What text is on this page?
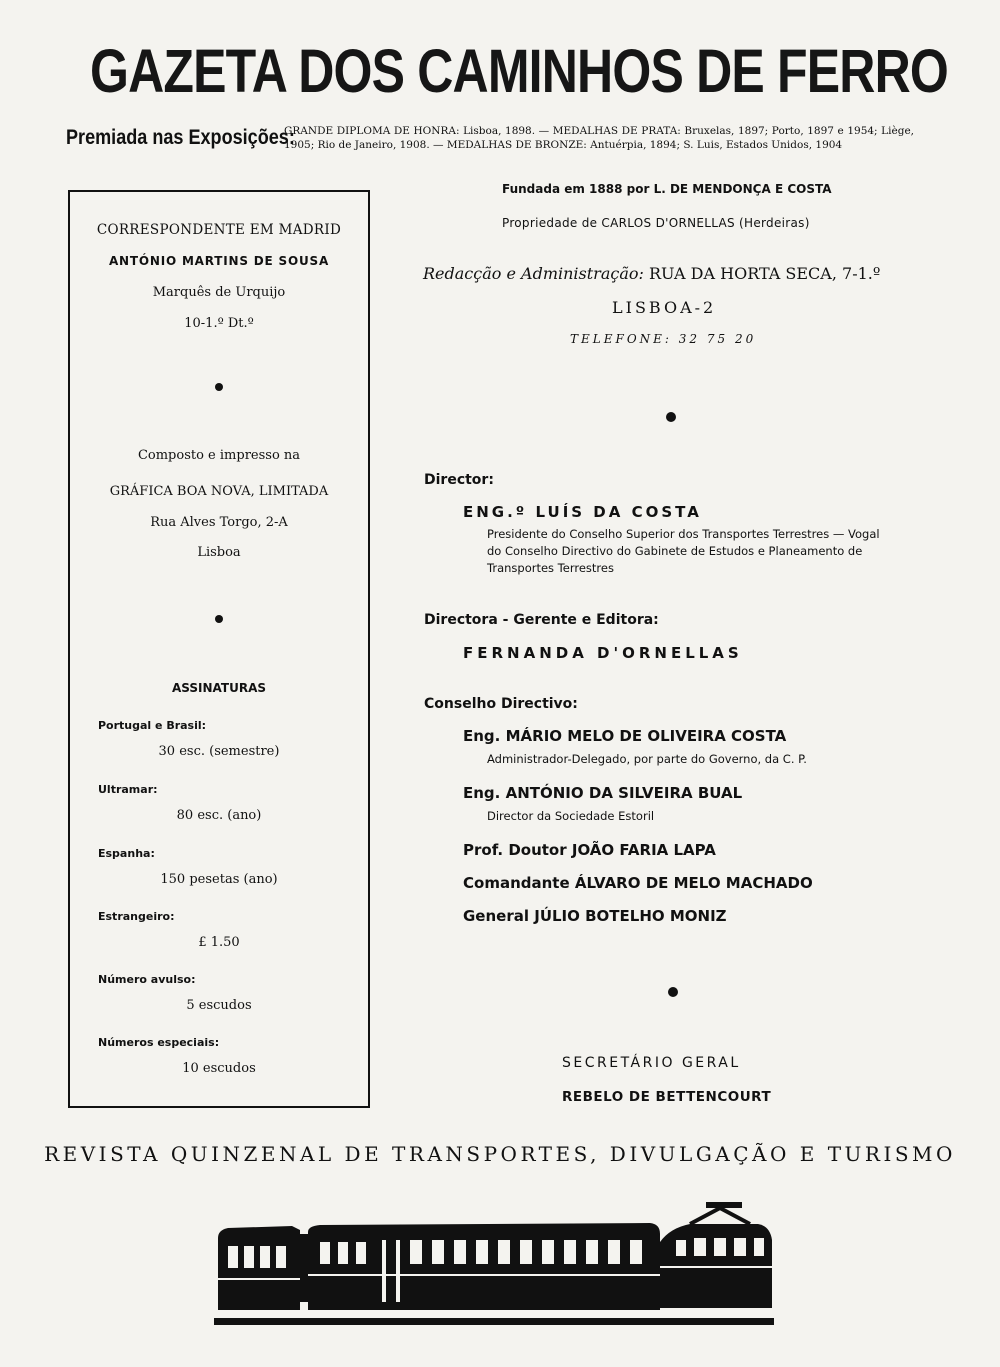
GAZETA DOS CAMINHOS DE FERRO
Premiada nas Exposições:
GRANDE DIPLOMA DE HONRA: Lisboa, 1898. — MEDALHAS DE PRATA: Bruxelas, 1897; Porto, 1897 e 1954; Liège, 1905; Rio de Janeiro, 1908. — MEDALHAS DE BRONZE: Antuérpia, 1894; S. Luis, Estados Unidos, 1904
CORRESPONDENTE EM MADRID
ANTÓNIO MARTINS DE SOUSA
Marquês de Urquijo
10-1.º Dt.º
Composto e impresso na
GRÁFICA BOA NOVA, LIMITADA
Rua Alves Torgo, 2-A
Lisboa
ASSINATURAS
Portugal e Brasil:
30 esc. (semestre)
Ultramar:
80 esc. (ano)
Espanha:
150 pesetas (ano)
Estrangeiro:
£ 1.50
Número avulso:
5 escudos
Números especiais:
10 escudos
Fundada em 1888 por L. DE MENDONÇA E COSTA
Propriedade de CARLOS D'ORNELLAS (Herdeiras)
Redacção e Administração: RUA DA HORTA SECA, 7-1.º
LISBOA-2
TELEFONE: 32 75 20
Director:
ENG.º LUÍS DA COSTA
Presidente do Conselho Superior dos Transportes Terrestres — Vogal
do Conselho Directivo do Gabinete de Estudos e Planeamento de
Transportes Terrestres
Directora - Gerente e Editora:
FERNANDA D'ORNELLAS
Conselho Directivo:
Eng. MÁRIO MELO DE OLIVEIRA COSTA
Administrador-Delegado, por parte do Governo, da C. P.
Eng. ANTÓNIO DA SILVEIRA BUAL
Director da Sociedade Estoril
Prof. Doutor JOÃO FARIA LAPA
Comandante ÁLVARO DE MELO MACHADO
General JÚLIO BOTELHO MONIZ
SECRETÁRIO GERAL
REBELO DE BETTENCOURT
REVISTA QUINZENAL DE TRANSPORTES, DIVULGAÇÃO E TURISMO
